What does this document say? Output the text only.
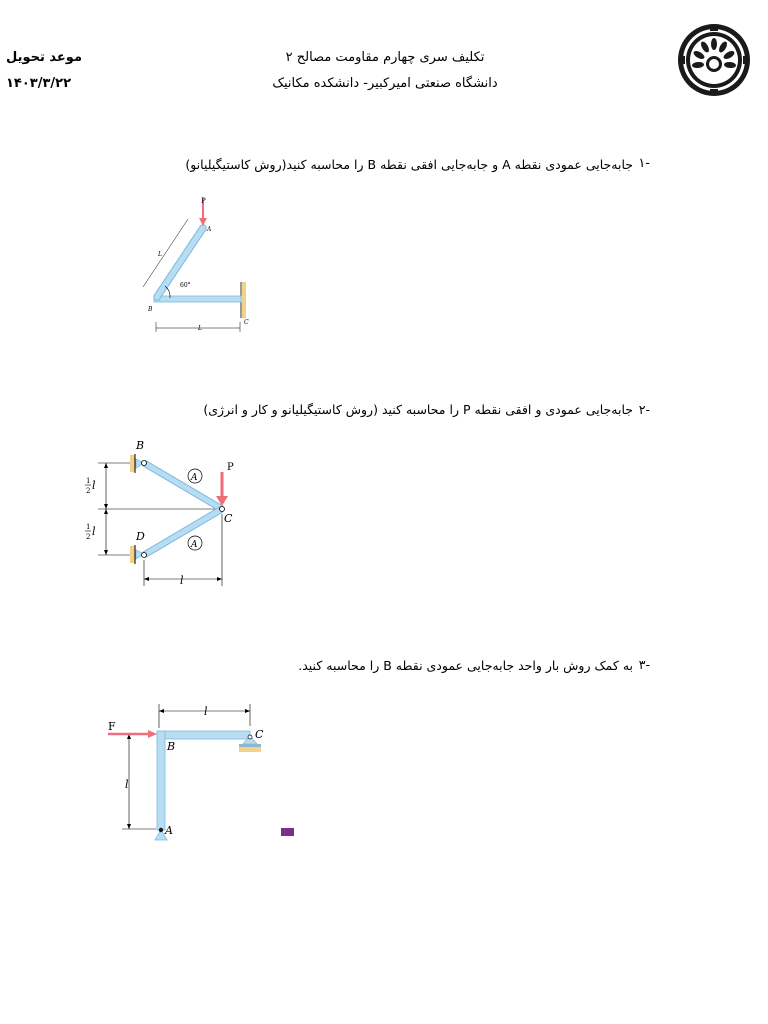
تکلیف سری چهارم مقاومت مصالح ۲
دانشگاه صنعتی امیرکبیر- دانشکده مکانیک
موعد تحویل
۱۴۰۳/۳/۲۲
۱-
جابه‌جایی عمودی نقطه A و جابه‌جایی افقی نقطه B را محاسبه کنید(روش کاستیگیلیانو)
P
A
B
C
L
L
60°
۲-
جابه‌جایی عمودی و افقی نقطه P را محاسبه کنید (روش کاستیگیلیانو و کار و انرژی)
B
D
C
P
A
A
l
1
2 l
1
2 l
۳-
به کمک روش بار واحد جابه‌جایی عمودی نقطه B را محاسبه کنید.
F
B
C
A
l
l
